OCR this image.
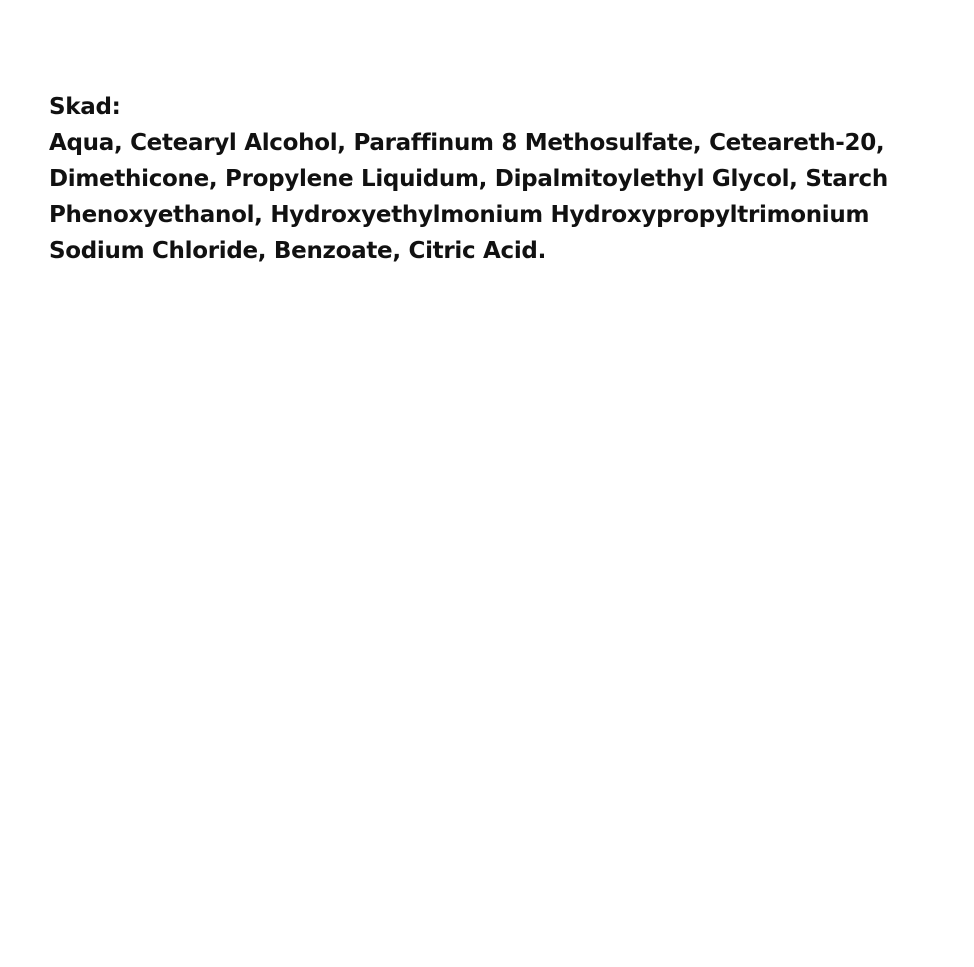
Skad:
Aqua, Cetearyl Alcohol, Paraffinum 8 Methosulfate, Ceteareth-20,
Dimethicone, Propylene Liquidum, Dipalmitoylethyl Glycol, Starch
Phenoxyethanol, Hydroxyethylmonium Hydroxypropyltrimonium
Sodium Chloride, Benzoate, Citric Acid.
